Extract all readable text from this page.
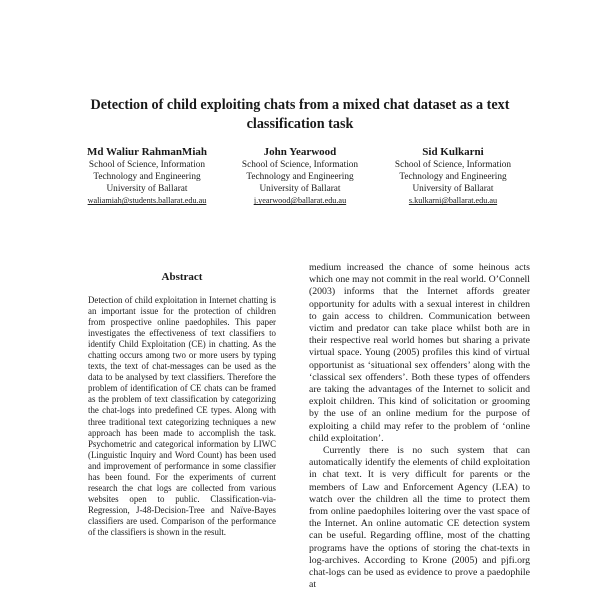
Detection of child exploiting chats from a mixed chat dataset as a text classification task
Md Waliur RahmanMiah
School of Science, Information
Technology and Engineering
University of Ballarat
waliamiah@students.ballarat.edu.au
John Yearwood
School of Science, Information
Technology and Engineering
University of Ballarat
j.yearwood@ballarat.edu.au
Sid Kulkarni
School of Science, Information
Technology and Engineering
University of Ballarat
s.kulkarni@ballarat.edu.au
Abstract

Detection of child exploitation in Internet chatting is an important issue for the protection of children from prospective online paedophiles. This paper investigates the effectiveness of text classifiers to identify Child Exploitation (CE) in chatting. As the chatting occurs among two or more users by typing texts, the text of chat-messages can be used as the data to be analysed by text classifiers. Therefore the problem of identification of CE chats can be framed as the problem of text classification by categorizing the chat-logs into predefined CE types. Along with three traditional text categorizing techniques a new approach has been made to accomplish the task. Psychometric and categorical information by LIWC (Linguistic Inquiry and Word Count) has been used and improvement of performance in some classifier has been found. For the experiments of current research the chat logs are collected from various websites open to public. Classification-via-Regression, J-48-Decision-Tree and Naïve-Bayes classifiers are used. Comparison of the performance of the classifiers is shown in the result.

medium increased the chance of some heinous acts which one may not commit in the real world. O’Connell (2003) informs that the Internet affords greater opportunity for adults with a sexual interest in children to gain access to children. Communication between victim and predator can take place whilst both are in their respective real world homes but sharing a private virtual space. Young (2005) profiles this kind of virtual opportunist as ‘situational sex offenders’ along with the ‘classical sex offenders’. Both these types of offenders are taking the advantages of the Internet to solicit and exploit children. This kind of solicitation or grooming by the use of an online medium for the purpose of exploiting a child may refer to the problem of ‘online child exploitation’.

Currently there is no such system that can automatically identify the elements of child exploitation in chat text. It is very difficult for parents or the members of Law and Enforcement Agency (LEA) to watch over the children all the time to protect them from online paedophiles loitering over the vast space of the Internet. An online automatic CE detection system can be useful. Regarding offline, most of the chatting programs have the options of storing the chat-texts in log-archives. According to Krone (2005) and pjfi.org chat-logs can be used as evidence to prove a paedophile at
